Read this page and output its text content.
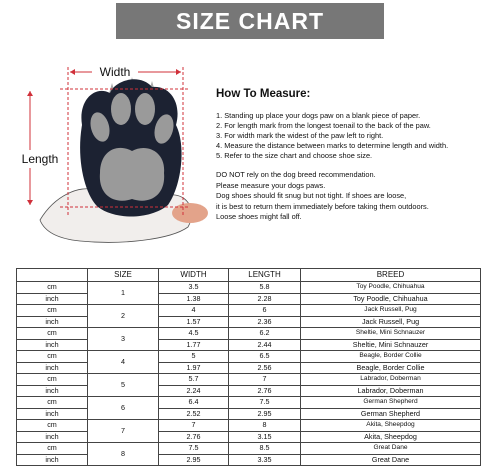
SIZE CHART
Width
Length
How To Measure:
1. Standing up place your dogs paw on a blank piece of paper.
2. For length mark from the longest toenail to the back of the paw.
3. For width mark the widest of the paw left to right.
4. Measure the distance between marks to determine length and width.
5. Refer to the size chart and choose shoe size.
DO NOT rely on the dog breed recommendation.
Please measure your dogs paws.
Dog shoes should fit snug but not tight. If shoes are loose,
it is best to return them immediately before taking them outdoors.
Loose shoes might fall off.
	SIZE	WIDTH	LENGTH	BREED
cm	1	3.5	5.8	Toy Poodle, Chihuahua
inch		1.38	2.28	Toy Poodle, Chihuahua
cm	2	4	6	Jack Russell, Pug
inch		1.57	2.36	Jack Russell, Pug
cm	3	4.5	6.2	Sheltie, Mini Schnauzer
inch		1.77	2.44	Sheltie, Mini Schnauzer
cm	4	5	6.5	Beagle, Border Collie
inch		1.97	2.56	Beagle, Border Collie
cm	5	5.7	7	Labrador, Doberman
inch		2.24	2.76	Labrador, Doberman
cm	6	6.4	7.5	German Shepherd
inch		2.52	2.95	German Shepherd
cm	7	7	8	Akita, Sheepdog
inch		2.76	3.15	Akita, Sheepdog
cm	8	7.5	8.5	Great Dane
inch		2.95	3.35	Great Dane
